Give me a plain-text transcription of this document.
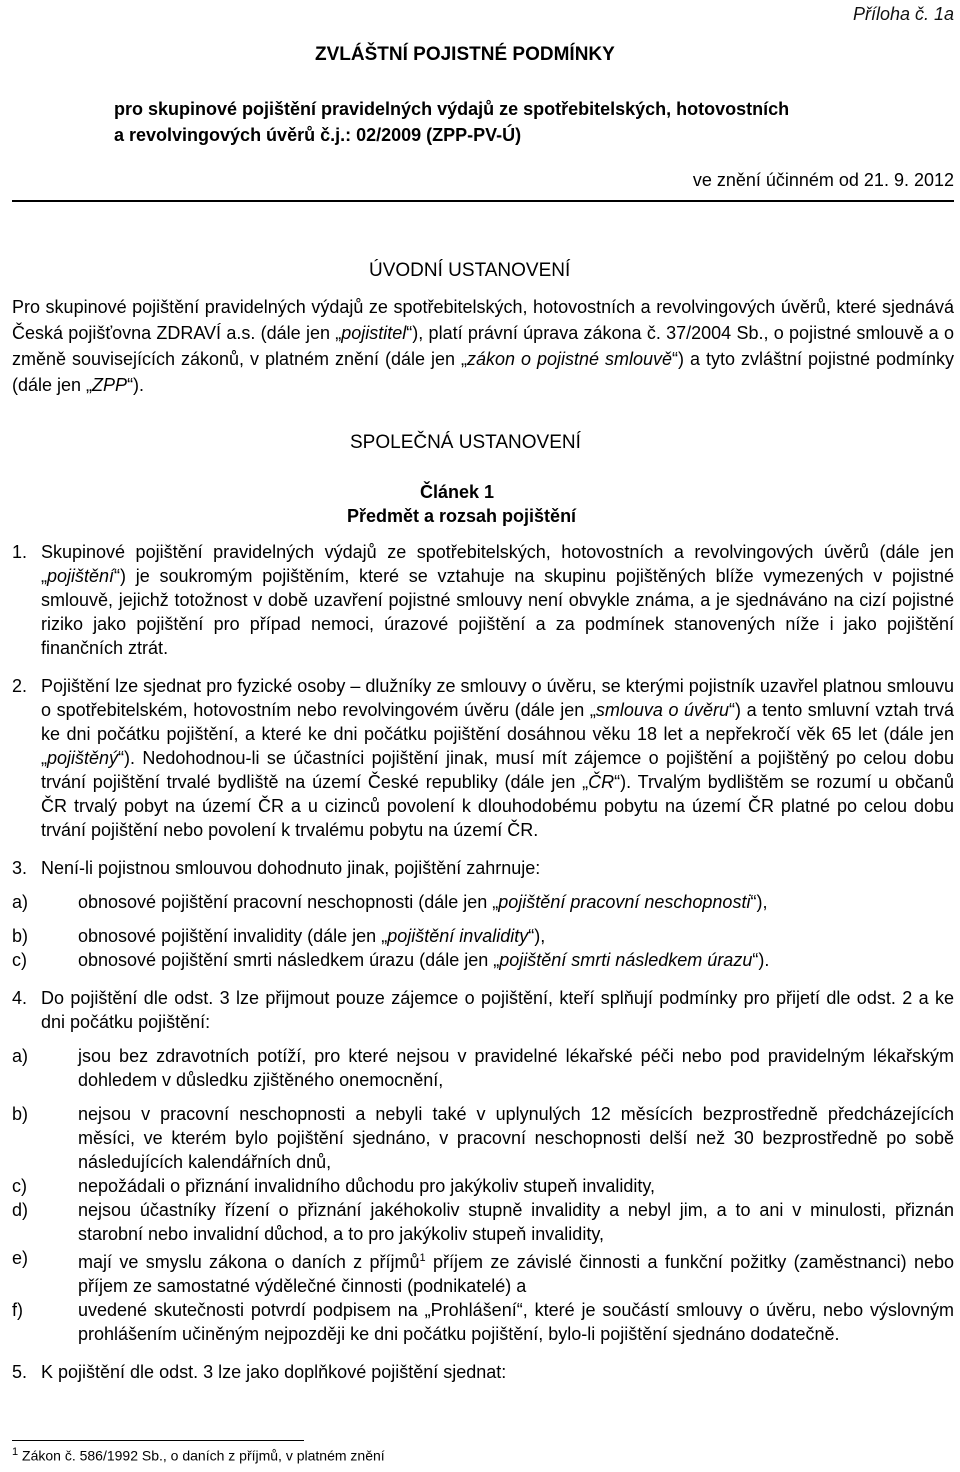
Příloha č. 1a
ZVLÁŠTNÍ POJISTNÉ PODMÍNKY
pro skupinové pojištění pravidelných výdajů ze spotřebitelských, hotovostních
a revolvingových úvěrů č.j.: 02/2009 (ZPP-PV-Ú)
ve znění účinném od 21. 9. 2012
ÚVODNÍ USTANOVENÍ
Pro skupinové pojištění pravidelných výdajů ze spotřebitelských, hotovostních a revolvingových úvěrů, které sjednává Česká pojišťovna ZDRAVÍ a.s. (dále jen „pojistitel“), platí právní úprava zákona č. 37/2004 Sb., o pojistné smlouvě a o změně souvisejících zákonů, v platném znění (dále jen „zákon o pojistné smlouvě“) a tyto zvláštní pojistné podmínky (dále jen „ZPP“).
SPOLEČNÁ USTANOVENÍ
Článek 1
Předmět a rozsah pojištění
1. Skupinové pojištění pravidelných výdajů ze spotřebitelských, hotovostních a revolvingových úvěrů (dále jen „pojištění“) je soukromým pojištěním, které se vztahuje na skupinu pojištěných blíže vymezených v pojistné smlouvě, jejichž totožnost v době uzavření pojistné smlouvy není obvykle známa, a je sjednáváno na cizí pojistné riziko jako pojištění pro případ nemoci, úrazové pojištění a za podmínek stanovených níže i jako pojištění finančních ztrát.
2. Pojištění lze sjednat pro fyzické osoby – dlužníky ze smlouvy o úvěru, se kterými pojistník uzavřel platnou smlouvu o spotřebitelském, hotovostním nebo revolvingovém úvěru (dále jen „smlouva o úvěru“) a tento smluvní vztah trvá ke dni počátku pojištění, a které ke dni počátku pojištění dosáhnou věku 18 let a nepřekročí věk 65 let (dále jen „pojištěný“). Nedohodnou-li se účastníci pojištění jinak, musí mít zájemce o pojištění a pojištěný po celou dobu trvání pojištění trvalé bydliště na území České republiky (dále jen „ČR“). Trvalým bydlištěm se rozumí u občanů ČR trvalý pobyt na území ČR a u cizinců povolení k dlouhodobému pobytu na území ČR platné po celou dobu trvání pojištění nebo povolení k trvalému pobytu na území ČR.
3. Není-li pojistnou smlouvou dohodnuto jinak, pojištění zahrnuje:
a)	obnosové pojištění pracovní neschopnosti (dále jen „pojištění pracovní neschopnosti“),
b)	obnosové pojištění invalidity (dále jen „pojištění invalidity“),
c)	obnosové pojištění smrti následkem úrazu (dále jen „pojištění smrti následkem úrazu“).
4. Do pojištění dle odst. 3 lze přijmout pouze zájemce o pojištění, kteří splňují podmínky pro přijetí dle odst. 2 a ke dni počátku pojištění:
a)	jsou bez zdravotních potíží, pro které nejsou v pravidelné lékařské péči nebo pod pravidelným lékařským dohledem v důsledku zjištěného onemocnění,
b)	nejsou v pracovní neschopnosti a nebyli také v uplynulých 12 měsících bezprostředně předcházejících měsíci, ve kterém bylo pojištění sjednáno, v pracovní neschopnosti delší než 30 bezprostředně po sobě následujících kalendářních dnů,
c)	nepožádali o přiznání invalidního důchodu pro jakýkoliv stupeň invalidity,
d)	nejsou účastníky řízení o přiznání jakéhokoliv stupně invalidity a nebyl jim, a to ani v minulosti, přiznán starobní nebo invalidní důchod, a to pro jakýkoliv stupeň invalidity,
e)	mají ve smyslu zákona o daních z příjmů$^1$ příjem ze závislé činnosti a funkční požitky (zaměstnanci) nebo příjem ze samostatné výdělečné činnosti (podnikatelé) a
f)	uvedené skutečnosti potvrdí podpisem na „Prohlášení“, které je součástí smlouvy o úvěru, nebo výslovným prohlášením učiněným nejpozději ke dni počátku pojištění, bylo-li pojištění sjednáno dodatečně.
5. K pojištění dle odst. 3 lze jako doplňkové pojištění sjednat:
$^1$ Zákon č. 586/1992 Sb., o daních z příjmů, v platném znění
